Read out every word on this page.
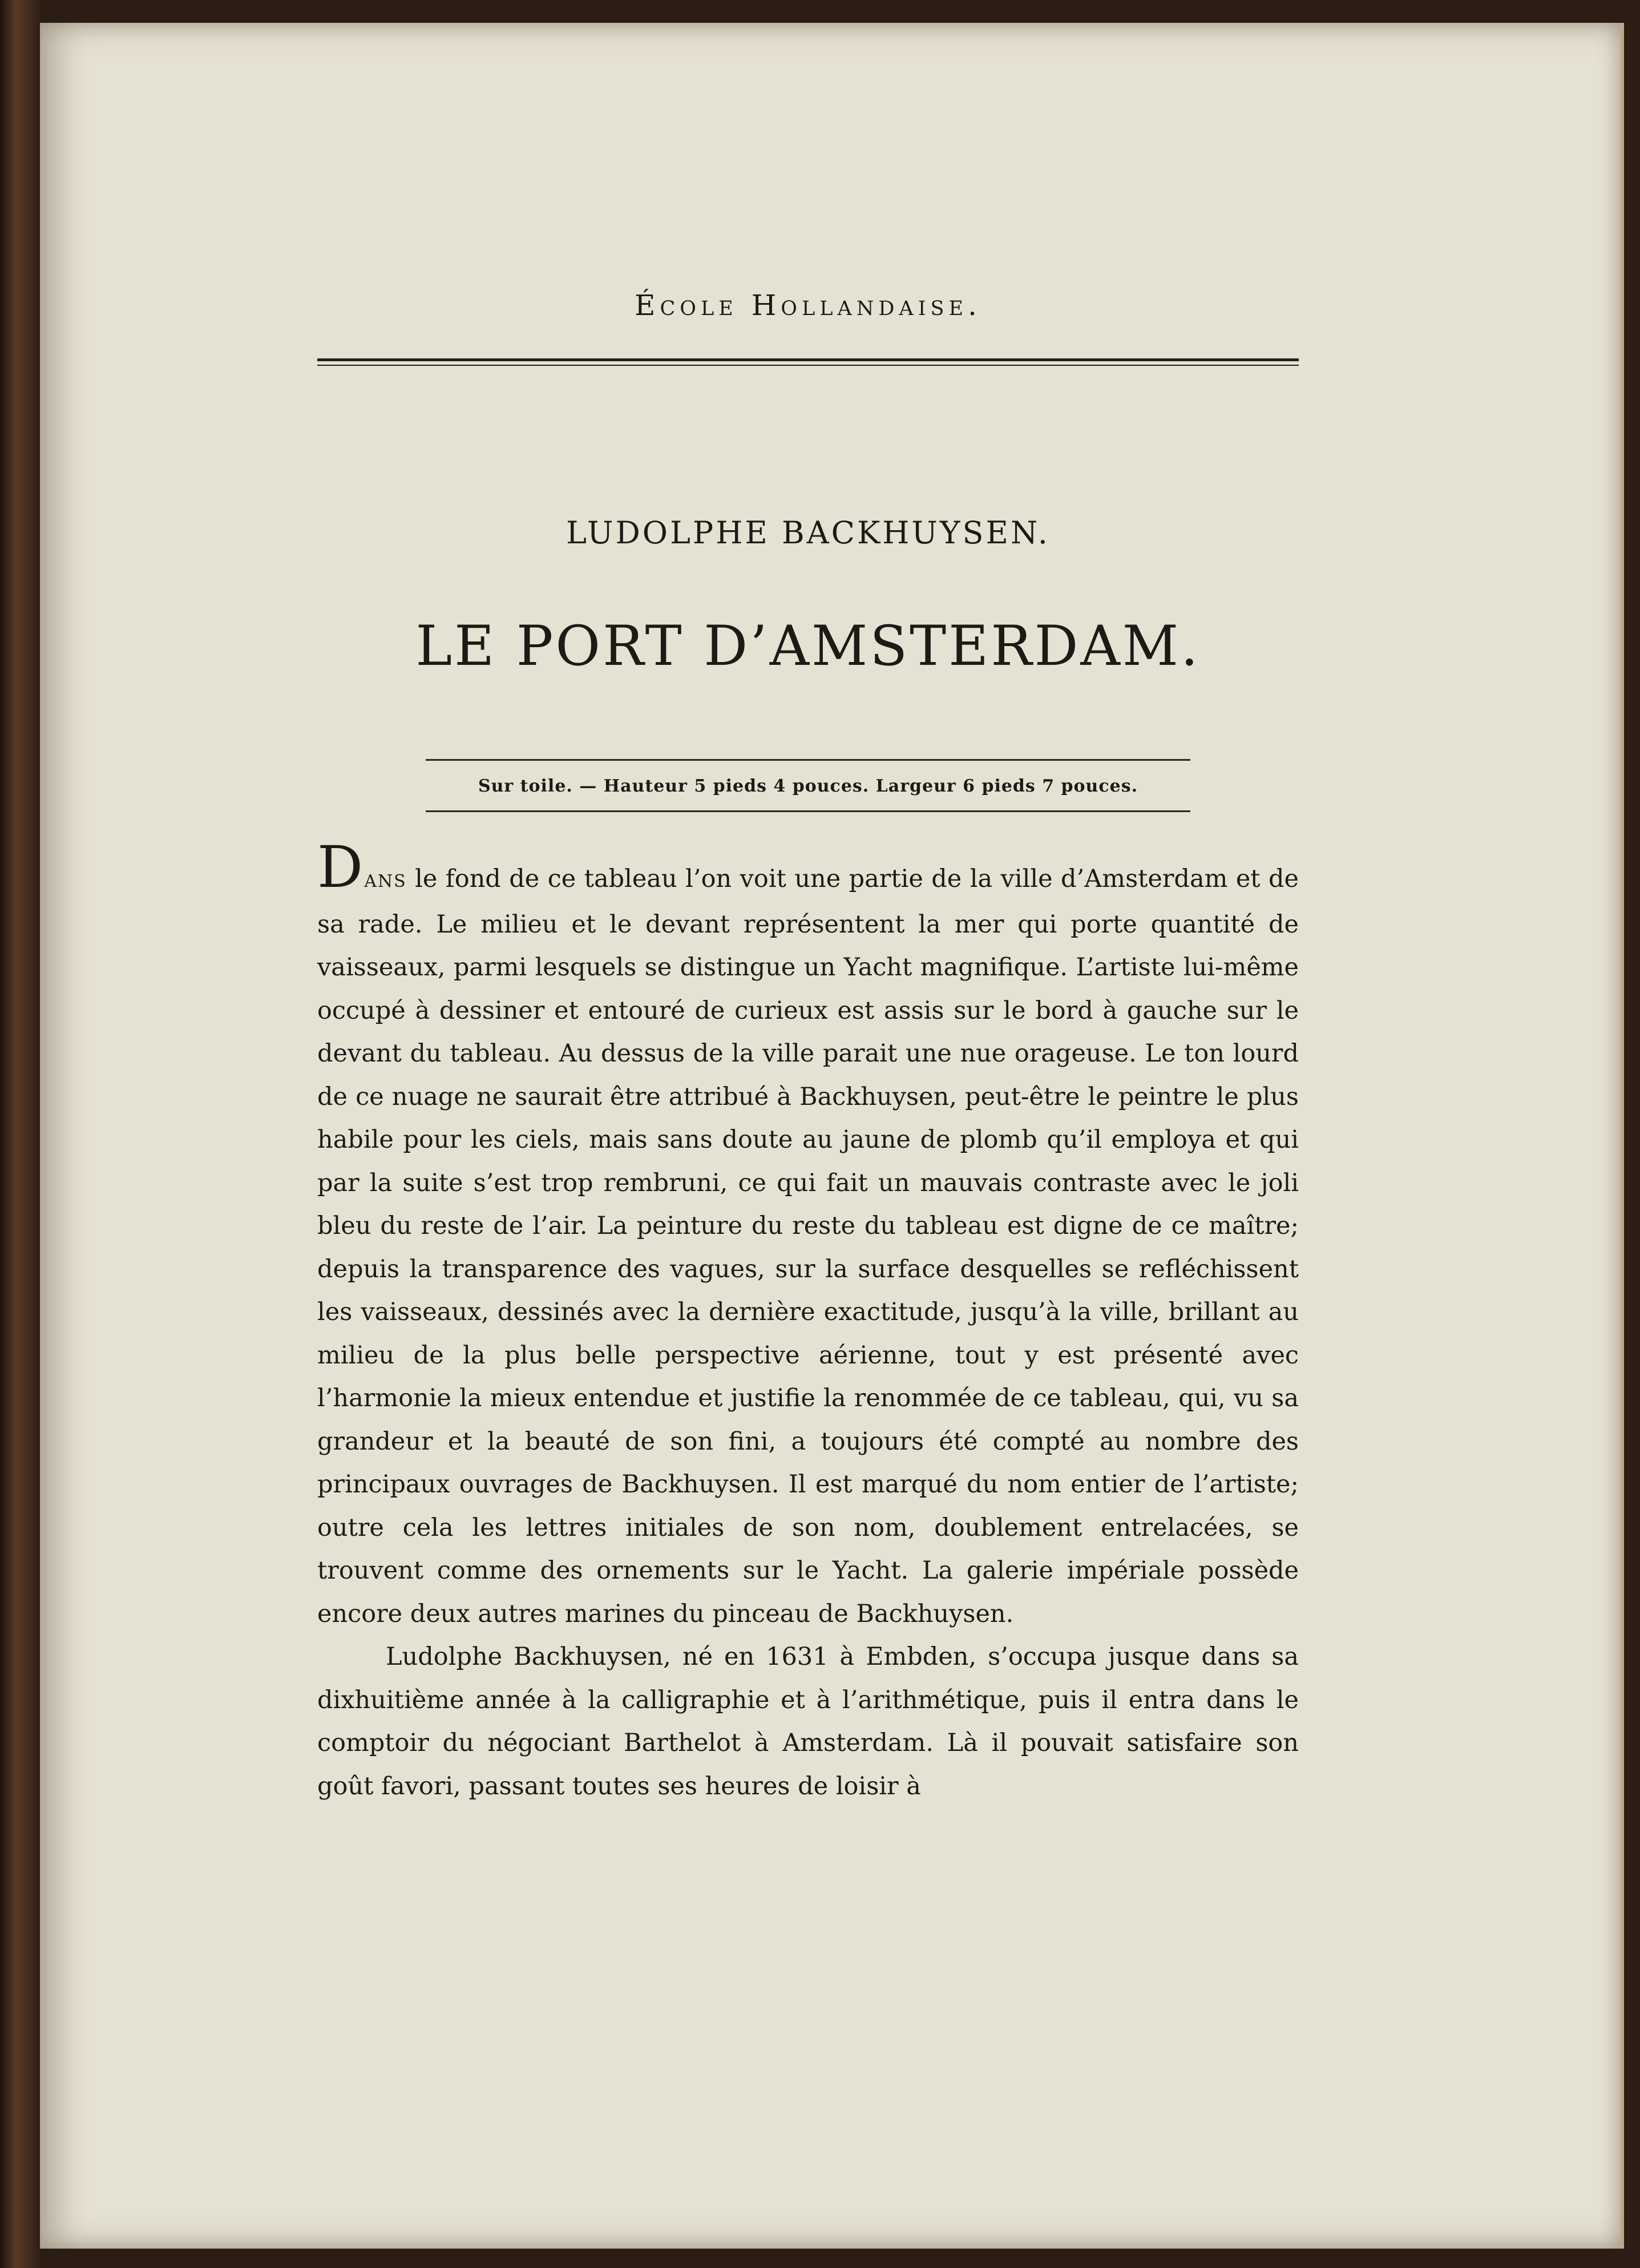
École Hollandaise.
LUDOLPHE BACKHUYSEN.
LE PORT D’AMSTERDAM.
Sur toile. — Hauteur 5 pieds 4 pouces. Largeur 6 pieds 7 pouces.

DANS le fond de ce tableau l’on voit une partie de la ville d’Amsterdam et de sa rade. Le milieu et le devant représentent la mer qui porte quantité de vaisseaux, parmi lesquels se distingue un Yacht magnifique. L’artiste lui-même occupé à dessiner et entouré de curieux est assis sur le bord à gauche sur le devant du tableau. Au dessus de la ville parait une nue orageuse. Le ton lourd de ce nuage ne saurait être attribué à Backhuysen, peut-être le peintre le plus habile pour les ciels, mais sans doute au jaune de plomb qu’il employa et qui par la suite s’est trop rembruni, ce qui fait un mauvais contraste avec le joli bleu du reste de l’air. La peinture du reste du tableau est digne de ce maître; depuis la transparence des vagues, sur la surface desquelles se refléchissent les vaisseaux, dessinés avec la dernière exactitude, jusqu’à la ville, brillant au milieu de la plus belle perspective aérienne, tout y est présenté avec l’harmonie la mieux entendue et justifie la renommée de ce tableau, qui, vu sa grandeur et la beauté de son fini, a toujours été compté au nombre des principaux ouvrages de Backhuysen. Il est marqué du nom entier de l’artiste; outre cela les lettres initiales de son nom, doublement entrelacées, se trouvent comme des ornements sur le Yacht. La galerie impériale possède encore deux autres marines du pinceau de Backhuysen.

Ludolphe Backhuysen, né en 1631 à Embden, s’occupa jusque dans sa dixhuitième année à la calligraphie et à l’arithmétique, puis il entra dans le comptoir du négociant Barthelot à Amsterdam. Là il pouvait satisfaire son goût favori, passant toutes ses heures de loisir à
